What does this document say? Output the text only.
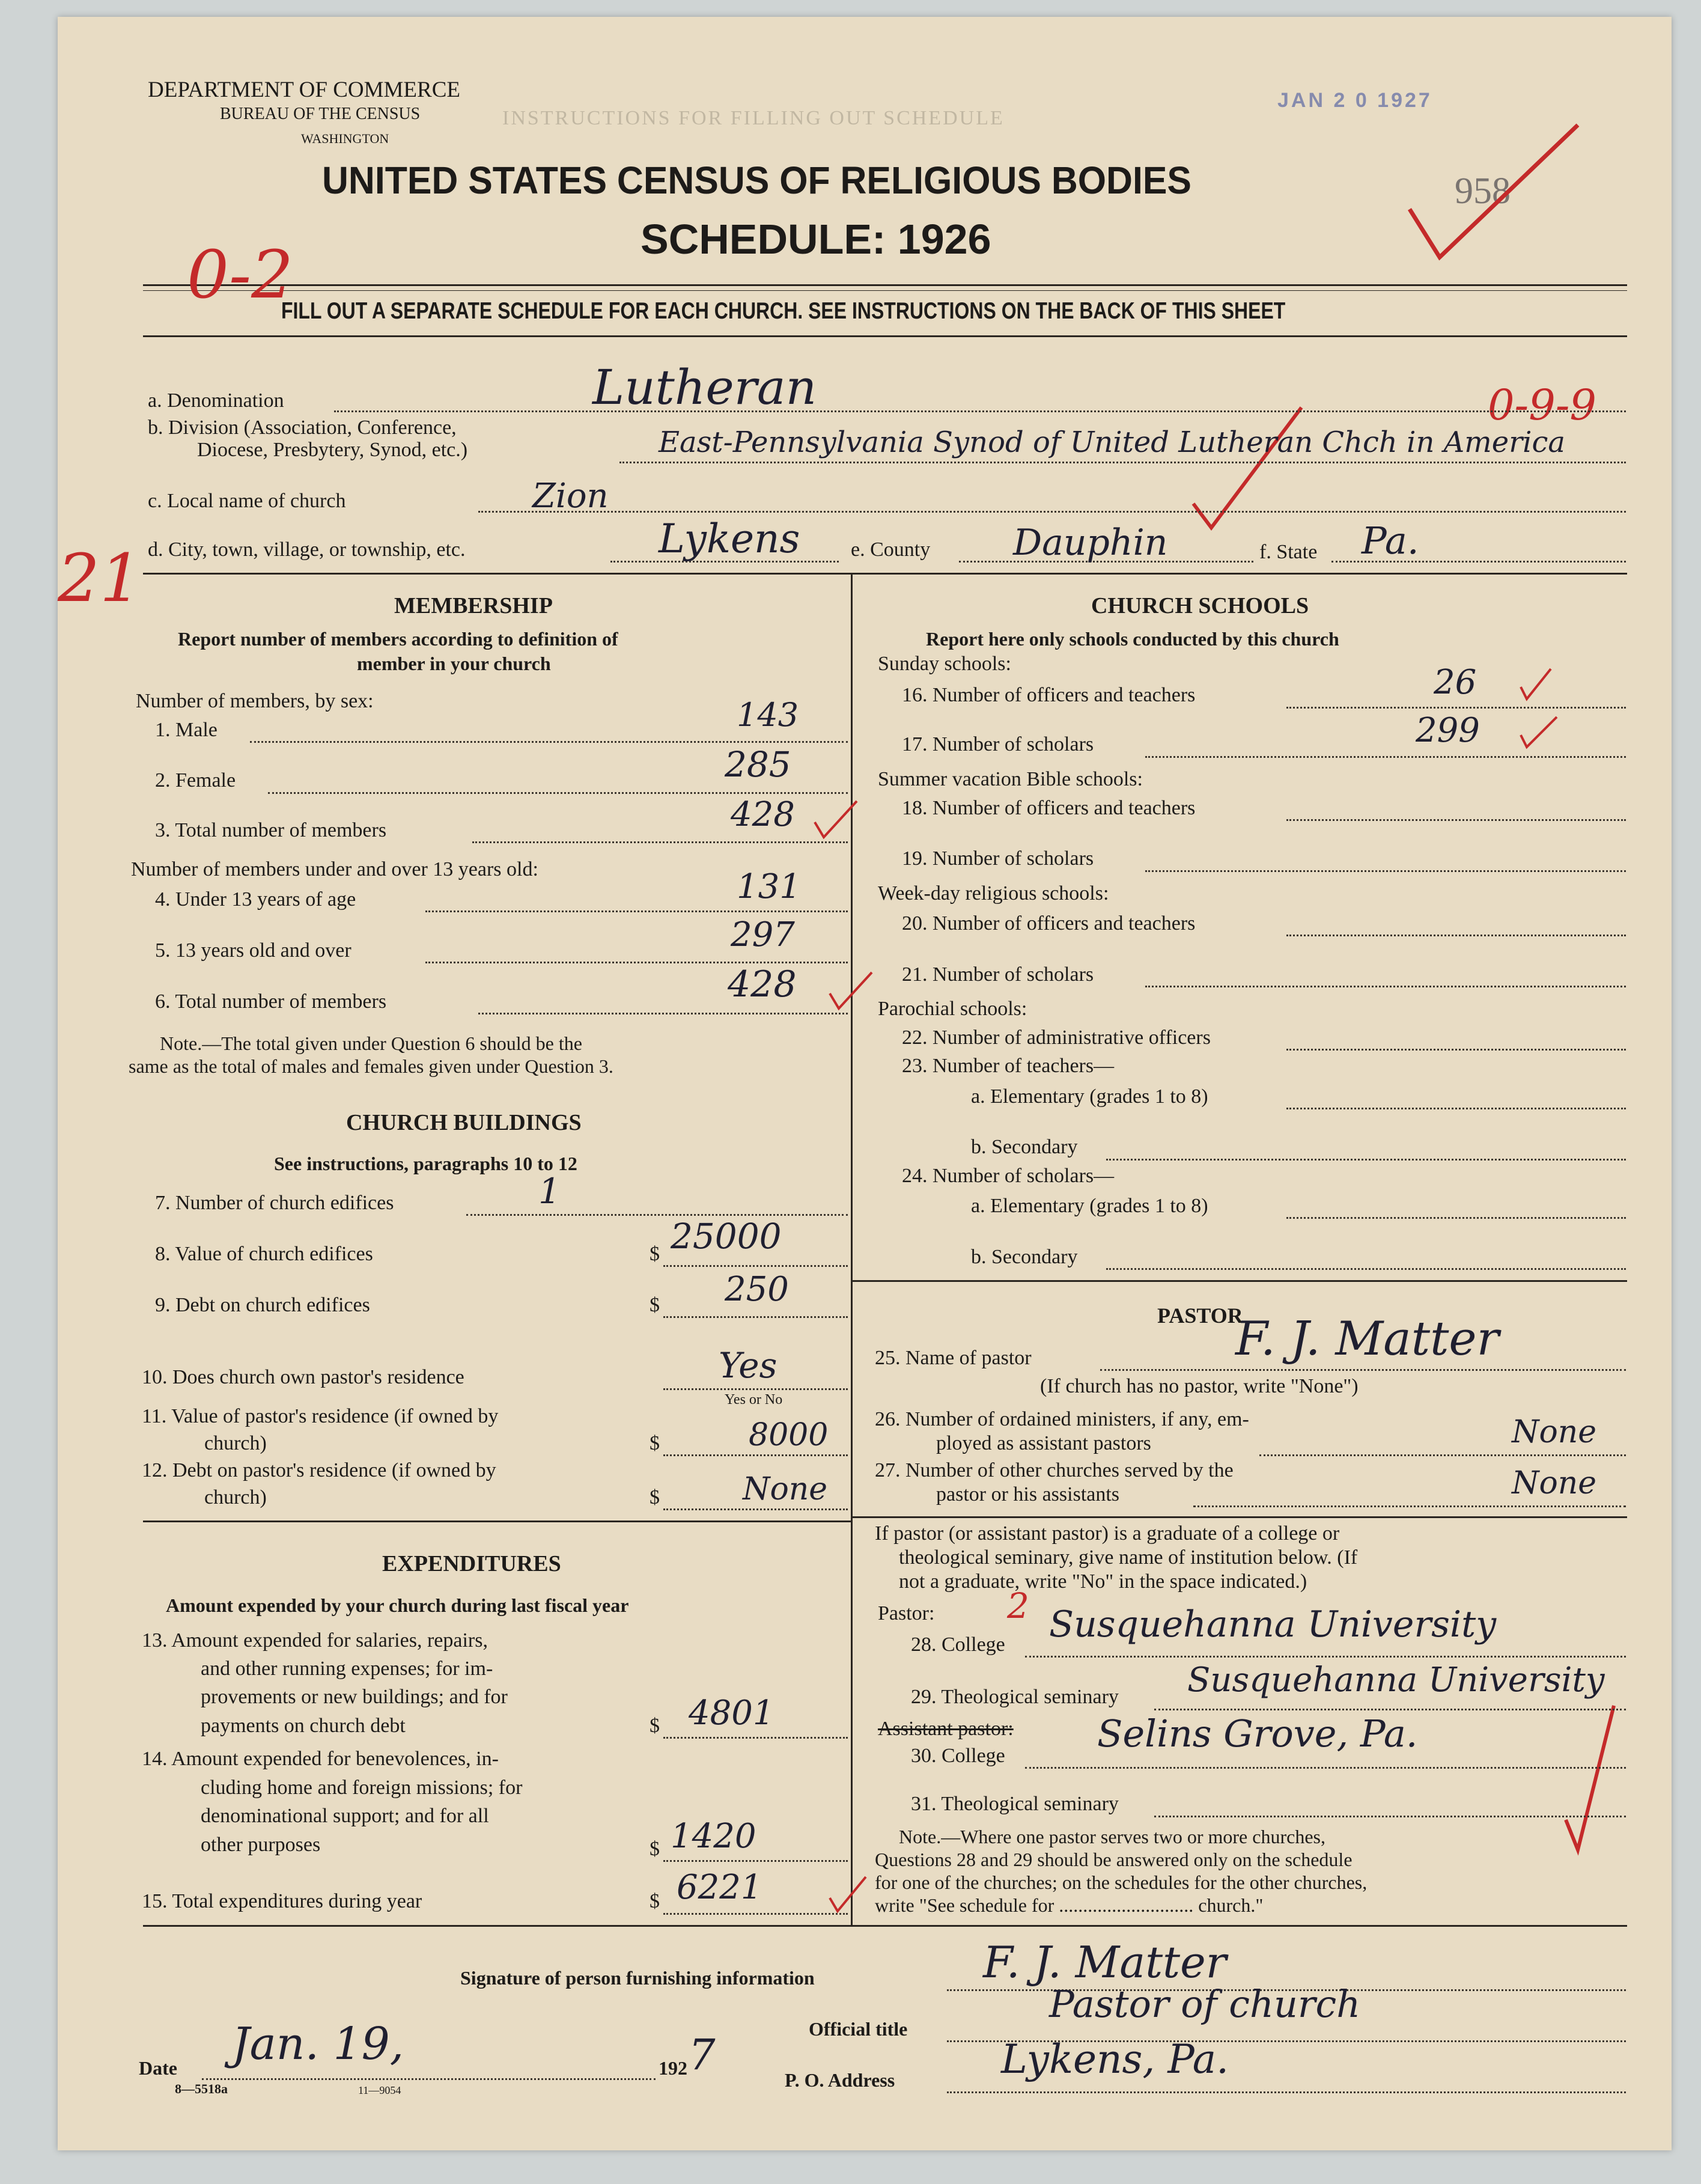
INSTRUCTIONS FOR FILLING OUT SCHEDULE
DEPARTMENT OF COMMERCE
BUREAU OF THE CENSUS
WASHINGTON
JAN 2 0 1927
958
UNITED STATES CENSUS OF RELIGIOUS BODIES
SCHEDULE: 1926
FILL OUT A SEPARATE SCHEDULE FOR EACH CHURCH. SEE INSTRUCTIONS ON THE BACK OF THIS SHEET
0-2
0-9-9
21
a. Denomination	Lutheran
b. Division (Association, Conference,
Diocese, Presbytery, Synod, etc.)	East-Pennsylvania Synod of United Lutheran Chch in America
c. Local name of church	Zion
d. City, town, village, or township, etc.	Lykens e. County Dauphin	f. State Pa.
MEMBERSHIP
Report number of members according to definition of
member in your church
Number of members, by sex:
1. Male	143
2. Female	285
3. Total number of members	428
Number of members under and over 13 years old:
4. Under 13 years of age	131
5. 13 years old and over	297
6. Total number of members	428
Note.—The total given under Question 6 should be the
same as the total of males and females given under Question 3.
CHURCH BUILDINGS
See instructions, paragraphs 10 to 12
7. Number of church edifices	1
8. Value of church edifices	$ 25000
9. Debt on church edifices	$ 250
10. Does church own pastor's residence	Yes
Yes or No
11. Value of pastor's residence (if owned by
church)	$	8000
12. Debt on pastor's residence (if owned by
church)	$	None
EXPENDITURES
Amount expended by your church during last fiscal year
13. Amount expended for salaries, repairs,
and other running expenses; for im-
provements or new buildings; and for
payments on church debt	$ 4801
14. Amount expended for benevolences, in-
cluding home and foreign missions; for
denominational support; and for all
other purposes	$ 1420
15. Total expenditures during year	$ 6221
CHURCH SCHOOLS
Report here only schools conducted by this church
Sunday schools:
16. Number of officers and teachers	26
17. Number of scholars	299
Summer vacation Bible schools:
18. Number of officers and teachers
19. Number of scholars
Week-day religious schools:
20. Number of officers and teachers
21. Number of scholars
Parochial schools:
22. Number of administrative officers
23. Number of teachers—
a. Elementary (grades 1 to 8)
b. Secondary
24. Number of scholars—
a. Elementary (grades 1 to 8)
b. Secondary
PASTOR
25. Name of pastor	F. J. Matter
(If church has no pastor, write "None")
26. Number of ordained ministers, if any, em-
ployed as assistant pastors	None
27. Number of other churches served by the
pastor or his assistants	None
If pastor (or assistant pastor) is a graduate of a college or
theological seminary, give name of institution below. (If
not a graduate, write "No" in the space indicated.)
Pastor: 2
28. College Susquehanna University
29. Theological seminary Susquehanna University
Assistant pastor:
30. College
Selins Grove, Pa.
31. Theological seminary
Note.—Where one pastor serves two or more churches,
Questions 28 and 29 should be answered only on the schedule
for one of the churches; on the schedules for the other churches,
write "See schedule for ............................ church."
Signature of person furnishing information	F. J. Matter
Official title
Pastor of church
P. O. Address	Lykens, Pa.
Date Jan. 19,	192 7
8—5518a	11—9054
